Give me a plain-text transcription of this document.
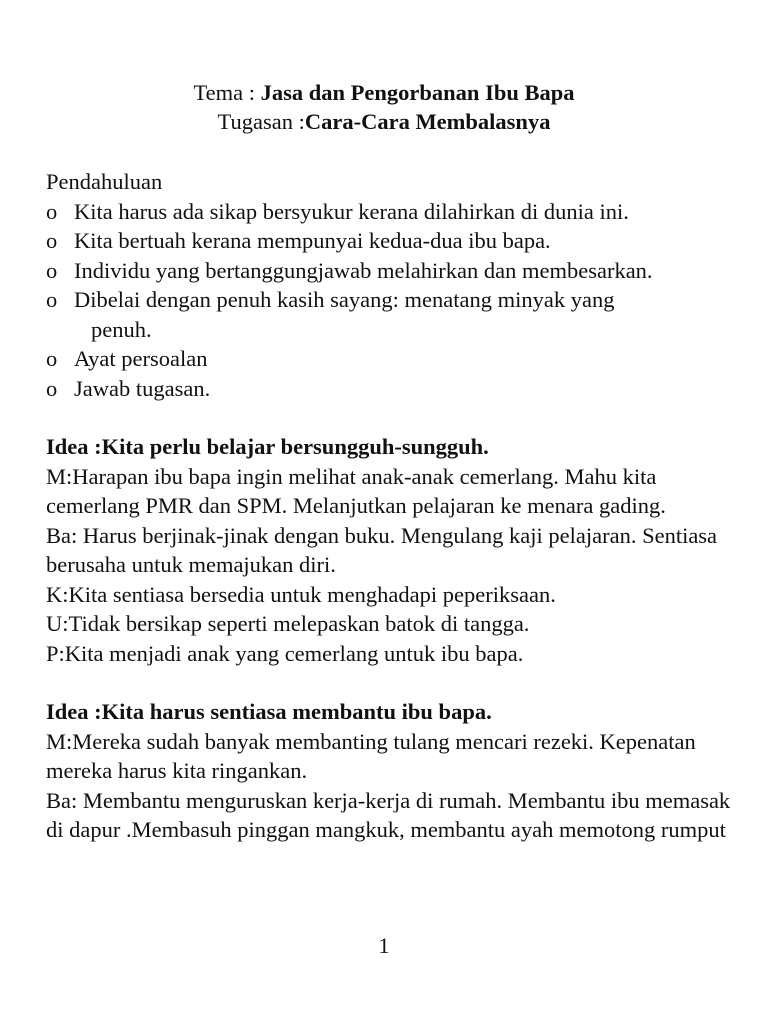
Tema : Jasa dan Pengorbanan Ibu Bapa
Tugasan :Cara-Cara Membalasnya

Pendahuluan

o Kita harus ada sikap bersyukur kerana dilahirkan di dunia ini.
o Kita bertuah kerana mempunyai kedua-dua ibu bapa.
o Individu yang bertanggungjawab melahirkan dan membesarkan.
o Dibelai dengan penuh kasih sayang: menatang minyak yang
penuh.
o Ayat persoalan
o Jawab tugasan.
Idea :Kita perlu belajar bersungguh-sungguh.

M:Harapan ibu bapa ingin melihat anak-anak cemerlang. Mahu kita cemerlang PMR dan SPM. Melanjutkan pelajaran ke menara gading.

Ba: Harus berjinak-jinak dengan buku. Mengulang kaji pelajaran. Sentiasa berusaha untuk memajukan diri.

K:Kita sentiasa bersedia untuk menghadapi peperiksaan.

U:Tidak bersikap seperti melepaskan batok di tangga.

P:Kita menjadi anak yang cemerlang untuk ibu bapa.

Idea :Kita harus sentiasa membantu ibu bapa.

M:Mereka sudah banyak membanting tulang mencari rezeki. Kepenatan mereka harus kita ringankan.

Ba: Membantu menguruskan kerja-kerja di rumah. Membantu ibu memasak di dapur .Membasuh pinggan mangkuk, membantu ayah memotong rumput

1
